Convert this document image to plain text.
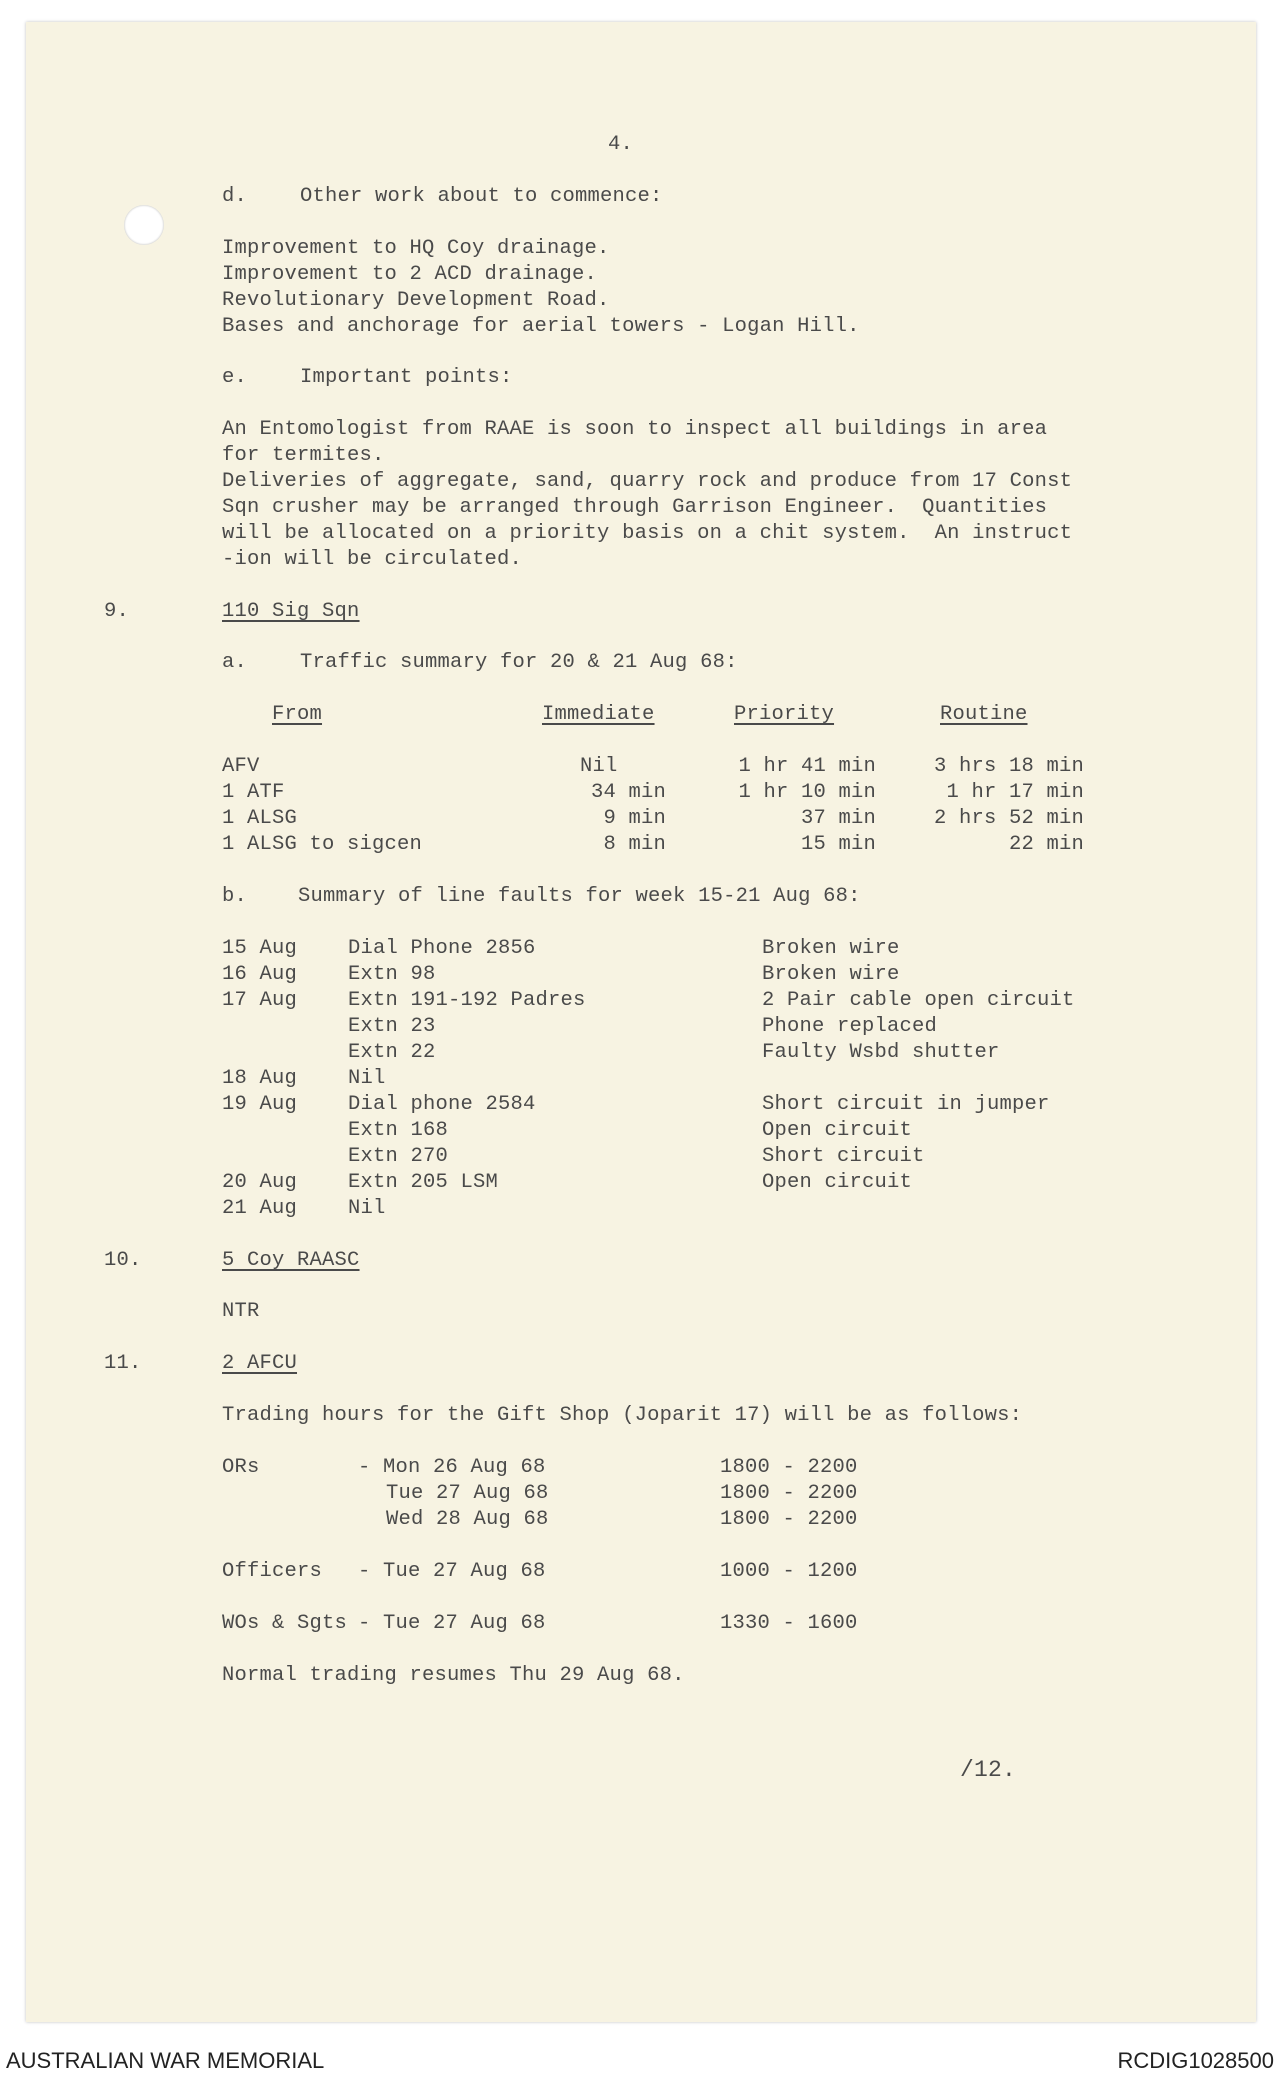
4.
d.	Other work about to commence:
Improvement to HQ Coy drainage.
Improvement to 2 ACD drainage.
Revolutionary Development Road.
Bases and anchorage for aerial towers - Logan Hill.
e.	Important points:
An Entomologist from RAAE is soon to inspect all buildings in area
for termites.
Deliveries of aggregate, sand, quarry rock and produce from 17 Const
Sqn crusher may be arranged through Garrison Engineer.  Quantities
will be allocated on a priority basis on a chit system.  An instruct
-ion will be circulated.
9.	110 Sig Sqn
a.	Traffic summary for 20 & 21 Aug 68:
From	Immediate	Priority	Routine
AFV	Nil	1 hr 41 min	3 hrs 18 min
1 ATF	34 min	1 hr 10 min	1 hr 17 min
1 ALSG	9 min	37 min	2 hrs 52 min
1 ALSG to sigcen	8 min	15 min	22 min
b. Summary of line faults for week 15-21 Aug 68:
15 Aug Dial Phone 2856	Broken wire
16 Aug Extn 98	Broken wire
17 Aug Extn 191-192 Padres	2 Pair cable open circuit
Extn 23	Phone replaced
Extn 22	Faulty Wsbd shutter
18 Aug Nil
19 Aug Dial phone 2584	Short circuit in jumper
Extn 168	Open circuit
Extn 270	Short circuit
20 Aug Extn 205 LSM	Open circuit
21 Aug Nil
10.	5 Coy RAASC
NTR
11.	2 AFCU
Trading hours for the Gift Shop (Joparit 17) will be as follows:
ORs	- Mon 26 Aug 68	1800 - 2200
Tue 27 Aug 68	1800 - 2200
Wed 28 Aug 68	1800 - 2200
Officers - Tue 27 Aug 68	1000 - 1200
WOs & Sgts - Tue 27 Aug 68	1330 - 1600
Normal trading resumes Thu 29 Aug 68.
/12.
AUSTRALIAN WAR MEMORIAL	RCDIG1028500
